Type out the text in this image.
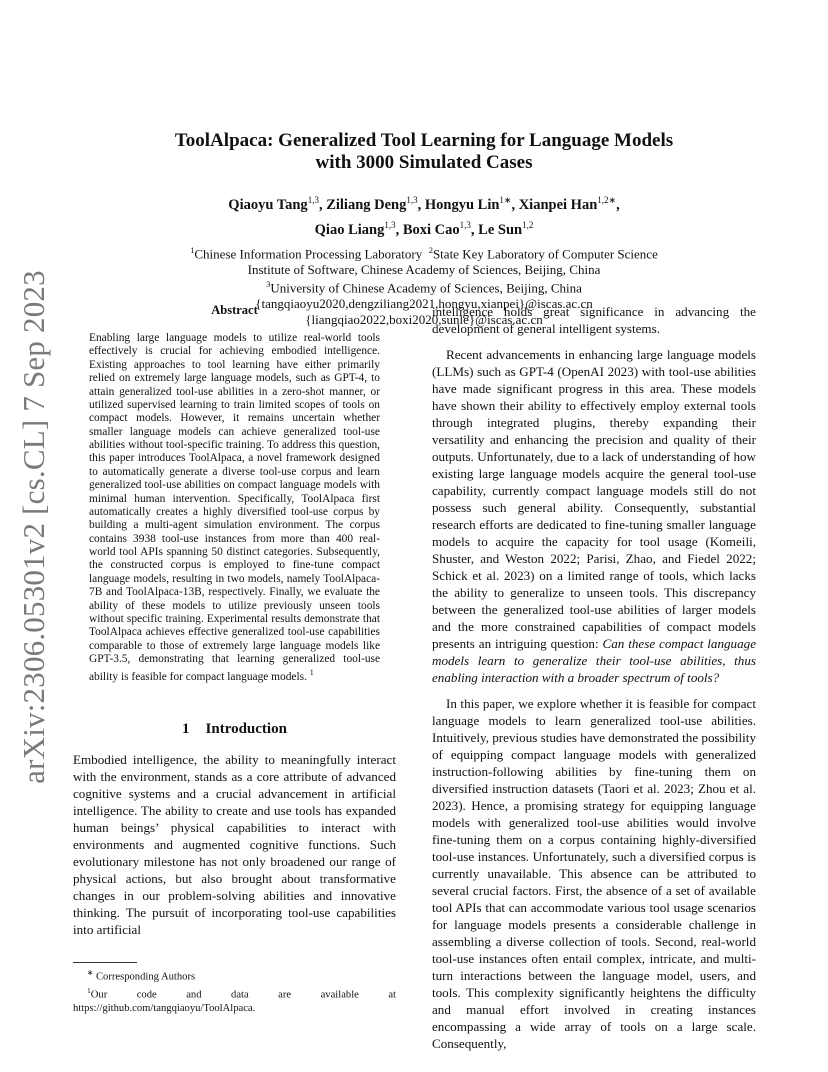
arXiv:2306.05301v2 [cs.CL] 7 Sep 2023
ToolAlpaca: Generalized Tool Learning for Language Models
with 3000 Simulated Cases
Qiaoyu Tang$^{1,3}$, Ziliang Deng$^{1,3}$, Hongyu Lin$^{1∗}$, Xianpei Han$^{1,2∗}$,
Qiao Liang$^{1,3}$, Boxi Cao$^{1,3}$, Le Sun$^{1,2}$
$^1$Chinese Information Processing Laboratory $^2$State Key Laboratory of Computer Science
Institute of Software, Chinese Academy of Sciences, Beijing, China
$^3$University of Chinese Academy of Sciences, Beijing, China
{tangqiaoyu2020,dengziliang2021,hongyu,xianpei}@iscas.ac.cn
{liangqiao2022,boxi2020,sunle}@iscas.ac.cn
Abstract

Enabling large language models to utilize real-world tools effectively is crucial for achieving embodied intelligence. Existing approaches to tool learning have either primarily relied on extremely large language models, such as GPT-4, to attain generalized tool-use abilities in a zero-shot manner, or utilized supervised learning to train limited scopes of tools on compact models. However, it remains uncertain whether smaller language models can achieve generalized tool-use abilities without tool-specific training. To address this question, this paper introduces ToolAlpaca, a novel framework designed to automatically generate a diverse tool-use corpus and learn generalized tool-use abilities on compact language models with minimal human intervention. Specifically, ToolAlpaca first automatically creates a highly diversified tool-use corpus by building a multi-agent simulation environment. The corpus contains 3938 tool-use instances from more than 400 real-world tool APIs spanning 50 distinct categories. Subsequently, the constructed corpus is employed to fine-tune compact language models, resulting in two models, namely ToolAlpaca-7B and ToolAlpaca-13B, respectively. Finally, we evaluate the ability of these models to utilize previously unseen tools without specific training. Experimental results demonstrate that ToolAlpaca achieves effective generalized tool-use capabilities comparable to those of extremely large language models like GPT-3.5, demonstrating that learning generalized tool-use ability is feasible for compact language models. $^1$

1 Introduction

Embodied intelligence, the ability to meaningfully interact with the environment, stands as a core attribute of advanced cognitive systems and a crucial advancement in artificial intelligence. The ability to create and use tools has expanded human beings’ physical capabilities to interact with environments and augmented cognitive functions. Such evolutionary milestone has not only broadened our range of physical actions, but also brought about transformative changes in our problem-solving abilities and innovative thinking. The pursuit of incorporating tool-use capabilities into artificial

∗ Corresponding Authors

$^1$Our code and data are available at https://github.com/tangqiaoyu/ToolAlpaca.

intelligence holds great significance in advancing the development of general intelligent systems.

Recent advancements in enhancing large language models (LLMs) such as GPT-4 (OpenAI 2023) with tool-use abilities have made significant progress in this area. These models have shown their ability to effectively employ external tools through integrated plugins, thereby expanding their versatility and enhancing the precision and quality of their outputs. Unfortunately, due to a lack of understanding of how existing large language models acquire the general tool-use capability, currently compact language models still do not possess such general ability. Consequently, substantial research efforts are dedicated to fine-tuning smaller language models to acquire the capacity for tool usage (Komeili, Shuster, and Weston 2022; Parisi, Zhao, and Fiedel 2022; Schick et al. 2023) on a limited range of tools, which lacks the ability to generalize to unseen tools. This discrepancy between the generalized tool-use abilities of larger models and the more constrained capabilities of compact models presents an intriguing question: Can these compact language models learn to generalize their tool-use abilities, thus enabling interaction with a broader spectrum of tools?

In this paper, we explore whether it is feasible for compact language models to learn generalized tool-use abilities. Intuitively, previous studies have demonstrated the possibility of equipping compact language models with generalized instruction-following abilities by fine-tuning them on diversified instruction datasets (Taori et al. 2023; Zhou et al. 2023). Hence, a promising strategy for equipping language models with generalized tool-use abilities would involve fine-tuning them on a corpus containing highly-diversified tool-use instances. Unfortunately, such a diversified corpus is currently unavailable. This absence can be attributed to several crucial factors. First, the absence of a set of available tool APIs that can accommodate various tool usage scenarios for language models presents a considerable challenge in assembling a diverse collection of tools. Second, real-world tool-use instances often entail complex, intricate, and multi-turn interactions between the language model, users, and tools. This complexity significantly heightens the difficulty and manual effort involved in creating instances encompassing a wide array of tools on a large scale. Consequently,
